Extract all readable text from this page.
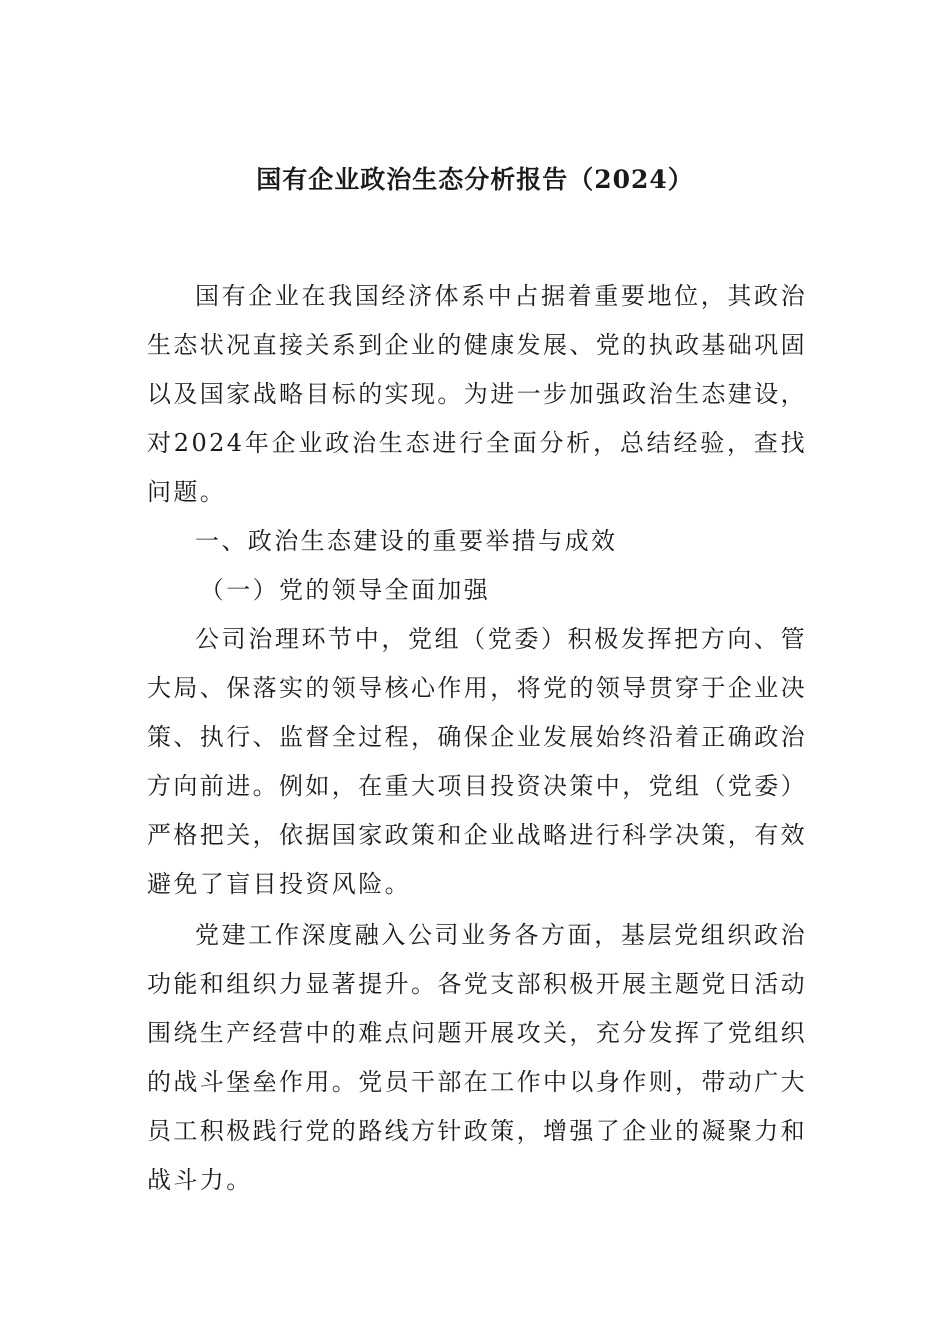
国有企业政治生态分析报告（2024）

国有企业在我国经济体系中占据着重要地位，其政治生态状况直接关系到企业的健康发展、党的执政基础巩固以及国家战略目标的实现。为进一步加强政治生态建设，对2024年企业政治生态进行全面分析，总结经验，查找问题。

一、政治生态建设的重要举措与成效

（一）党的领导全面加强

公司治理环节中，党组（党委）积极发挥把方向、管大局、保落实的领导核心作用，将党的领导贯穿于企业决策、执行、监督全过程，确保企业发展始终沿着正确政治方向前进。例如，在重大项目投资决策中，党组（党委）严格把关，依据国家政策和企业战略进行科学决策，有效避免了盲目投资风险。

党建工作深度融入公司业务各方面，基层党组织政治功能和组织力显著提升。各党支部积极开展主题党日活动围绕生产经营中的难点问题开展攻关，充分发挥了党组织的战斗堡垒作用。党员干部在工作中以身作则，带动广大员工积极践行党的路线方针政策，增强了企业的凝聚力和战斗力。
